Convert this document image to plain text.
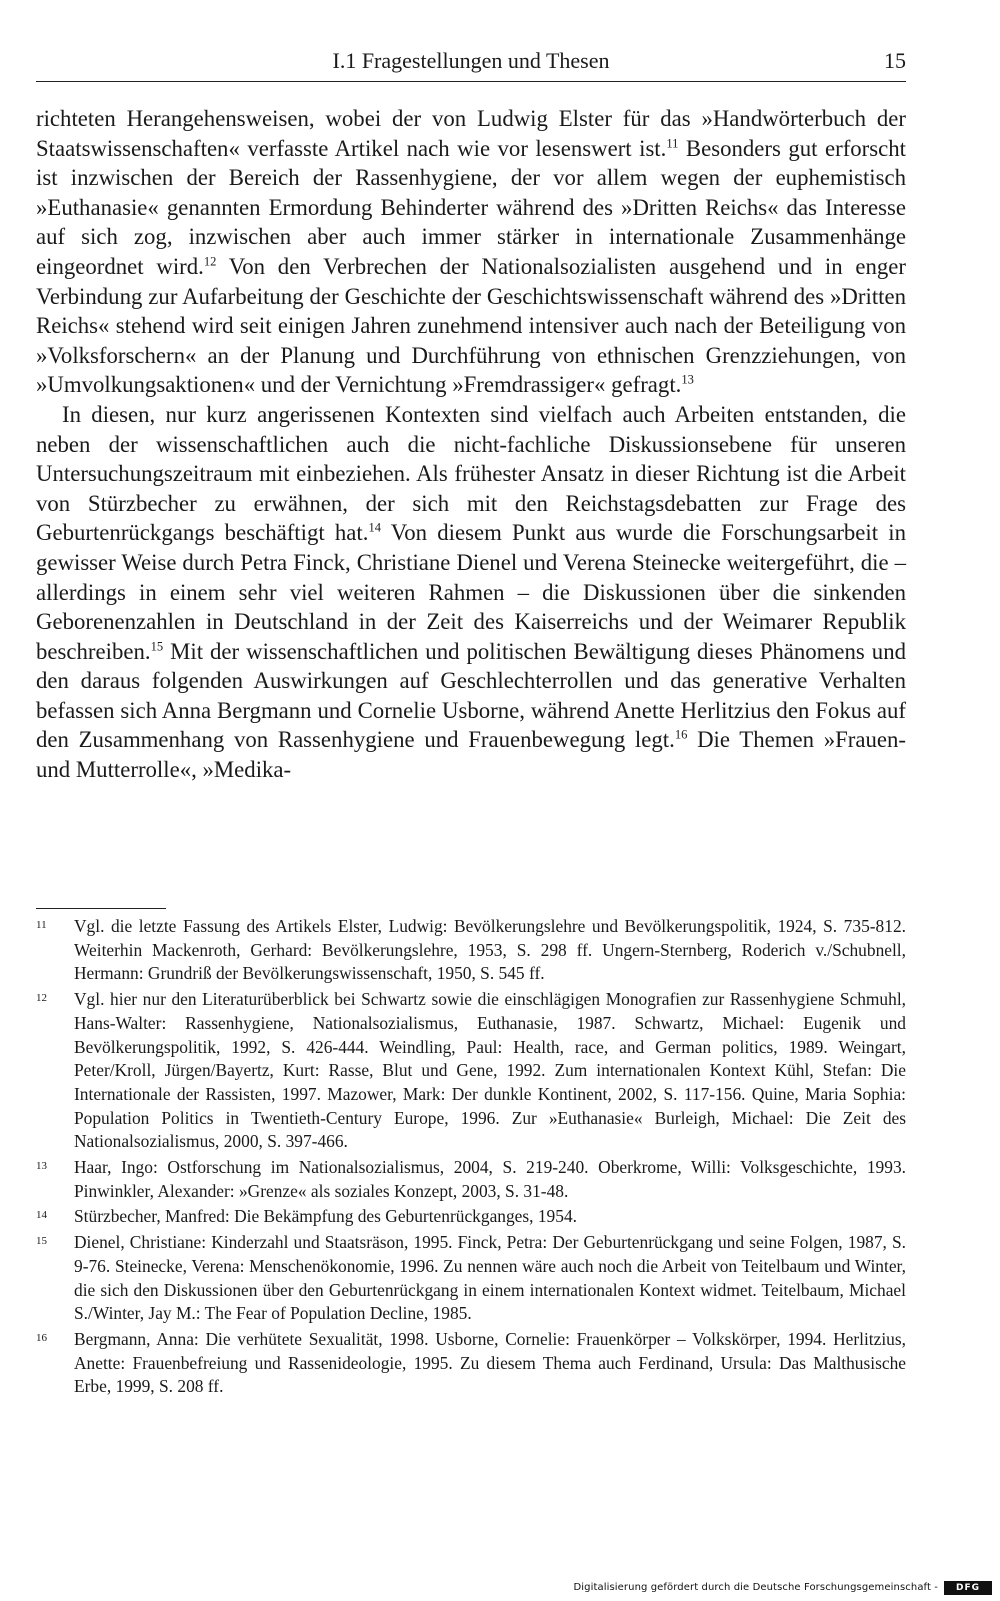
I.1 Fragestellungen und Thesen	15

richteten Herangehensweisen, wobei der von Ludwig Elster für das »Handwörterbuch der Staatswissenschaften« verfasste Artikel nach wie vor lesenswert ist.$^{11}$ Besonders gut erforscht ist inzwischen der Bereich der Rassenhygiene, der vor allem wegen der euphemistisch »Euthanasie« genannten Ermordung Behinderter während des »Dritten Reichs« das Interesse auf sich zog, inzwischen aber auch immer stärker in internationale Zusammenhänge eingeordnet wird.$^{12}$ Von den Verbrechen der Nationalsozialisten ausgehend und in enger Verbindung zur Aufarbeitung der Geschichte der Geschichtswissenschaft während des »Dritten Reichs« stehend wird seit einigen Jahren zunehmend intensiver auch nach der Beteiligung von »Volksforschern« an der Planung und Durchführung von ethnischen Grenzziehungen, von »Umvolkungsaktionen« und der Vernichtung »Fremdrassiger« gefragt.$^{13}$

In diesen, nur kurz angerissenen Kontexten sind vielfach auch Arbeiten entstanden, die neben der wissenschaftlichen auch die nicht-fachliche Diskussionsebene für unseren Untersuchungszeitraum mit einbeziehen. Als frühester Ansatz in dieser Richtung ist die Arbeit von Stürzbecher zu erwähnen, der sich mit den Reichstagsdebatten zur Frage des Geburtenrückgangs beschäftigt hat.$^{14}$ Von diesem Punkt aus wurde die Forschungsarbeit in gewisser Weise durch Petra Finck, Christiane Dienel und Verena Steinecke weitergeführt, die – allerdings in einem sehr viel weiteren Rahmen – die Diskussionen über die sinkenden Geborenenzahlen in Deutschland in der Zeit des Kaiserreichs und der Weimarer Republik beschreiben.$^{15}$ Mit der wissenschaftlichen und politischen Bewältigung dieses Phänomens und den daraus folgenden Auswirkungen auf Geschlechterrollen und das generative Verhalten befassen sich Anna Bergmann und Cornelie Usborne, während Anette Herlitzius den Fokus auf den Zusammenhang von Rassenhygiene und Frauenbewegung legt.$^{16}$ Die Themen »Frauen- und Mutterrolle«, »Medika-

11 Vgl. die letzte Fassung des Artikels Elster, Ludwig: Bevölkerungslehre und Bevölkerungspolitik, 1924, S. 735-812. Weiterhin Mackenroth, Gerhard: Bevölkerungslehre, 1953, S. 298 ff. Ungern-Sternberg, Roderich v./Schubnell, Hermann: Grundriß der Bevölkerungswissenschaft, 1950, S. 545 ff.
12 Vgl. hier nur den Literaturüberblick bei Schwartz sowie die einschlägigen Monografien zur Rassenhygiene Schmuhl, Hans-Walter: Rassenhygiene, Nationalsozialismus, Euthanasie, 1987. Schwartz, Michael: Eugenik und Bevölkerungspolitik, 1992, S. 426-444. Weindling, Paul: Health, race, and German politics, 1989. Weingart, Peter/Kroll, Jürgen/Bayertz, Kurt: Rasse, Blut und Gene, 1992. Zum internationalen Kontext Kühl, Stefan: Die Internationale der Rassisten, 1997. Mazower, Mark: Der dunkle Kontinent, 2002, S. 117-156. Quine, Maria Sophia: Population Politics in Twentieth-Century Europe, 1996. Zur »Euthanasie« Burleigh, Michael: Die Zeit des Nationalsozialismus, 2000, S. 397-466.
13 Haar, Ingo: Ostforschung im Nationalsozialismus, 2004, S. 219-240. Oberkrome, Willi: Volksgeschichte, 1993. Pinwinkler, Alexander: »Grenze« als soziales Konzept, 2003, S. 31-48.
14 Stürzbecher, Manfred: Die Bekämpfung des Geburtenrückganges, 1954.
15 Dienel, Christiane: Kinderzahl und Staatsräson, 1995. Finck, Petra: Der Geburtenrückgang und seine Folgen, 1987, S. 9-76. Steinecke, Verena: Menschenökonomie, 1996. Zu nennen wäre auch noch die Arbeit von Teitelbaum und Winter, die sich den Diskussionen über den Geburtenrückgang in einem internationalen Kontext widmet. Teitelbaum, Michael S./Winter, Jay M.: The Fear of Population Decline, 1985.
16 Bergmann, Anna: Die verhütete Sexualität, 1998. Usborne, Cornelie: Frauenkörper – Volkskörper, 1994. Herlitzius, Anette: Frauenbefreiung und Rassenideologie, 1995. Zu diesem Thema auch Ferdinand, Ursula: Das Malthusische Erbe, 1999, S. 208 ff.
Digitalisierung gefördert durch die Deutsche Forschungsgemeinschaft -	DFG
